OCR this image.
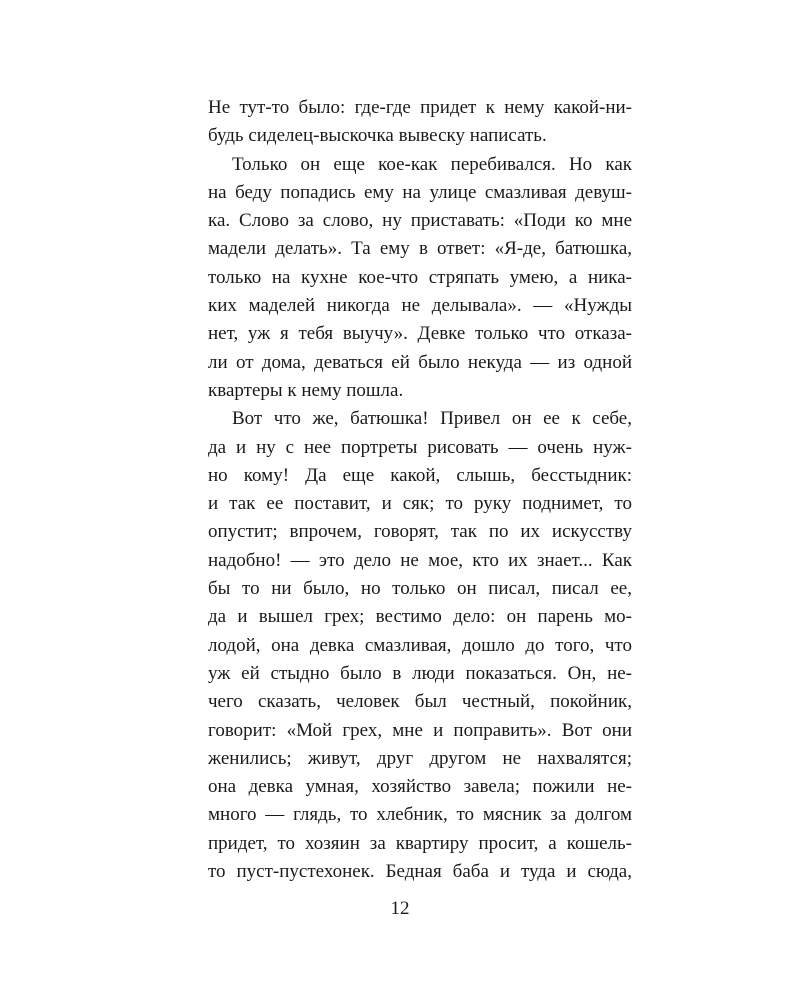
Не тут-то было: где-где придет к нему какой-ни-
будь сиделец-выскочка вывеску написать.
Только он еще кое-как перебивался. Но как
на беду попадись ему на улице смазливая девуш-
ка. Слово за слово, ну приставать: «Поди ко мне
мадели делать». Та ему в ответ: «Я-де, батюшка,
только на кухне кое-что стряпать умею, а ника-
ких маделей никогда не делывала». — «Нужды
нет, уж я тебя выучу». Девке только что отказа-
ли от дома, деваться ей было некуда — из одной
квартеры к нему пошла.
Вот что же, батюшка! Привел он ее к себе,
да и ну с нее портреты рисовать — очень нуж-
но кому! Да еще какой, слышь, бесстыдник:
и так ее поставит, и сяк; то руку поднимет, то
опустит; впрочем, говорят, так по их искусству
надобно! — это дело не мое, кто их знает... Как
бы то ни было, но только он писал, писал ее,
да и вышел грех; вестимо дело: он парень мо-
лодой, она девка смазливая, дошло до того, что
уж ей стыдно было в люди показаться. Он, не-
чего сказать, человек был честный, покойник,
говорит: «Мой грех, мне и поправить». Вот они
женились; живут, друг другом не нахвалятся;
она девка умная, хозяйство завела; пожили не-
много — глядь, то хлебник, то мясник за долгом
придет, то хозяин за квартиру просит, а кошель-
то пуст-пустехонек. Бедная баба и туда и сюда,
12
